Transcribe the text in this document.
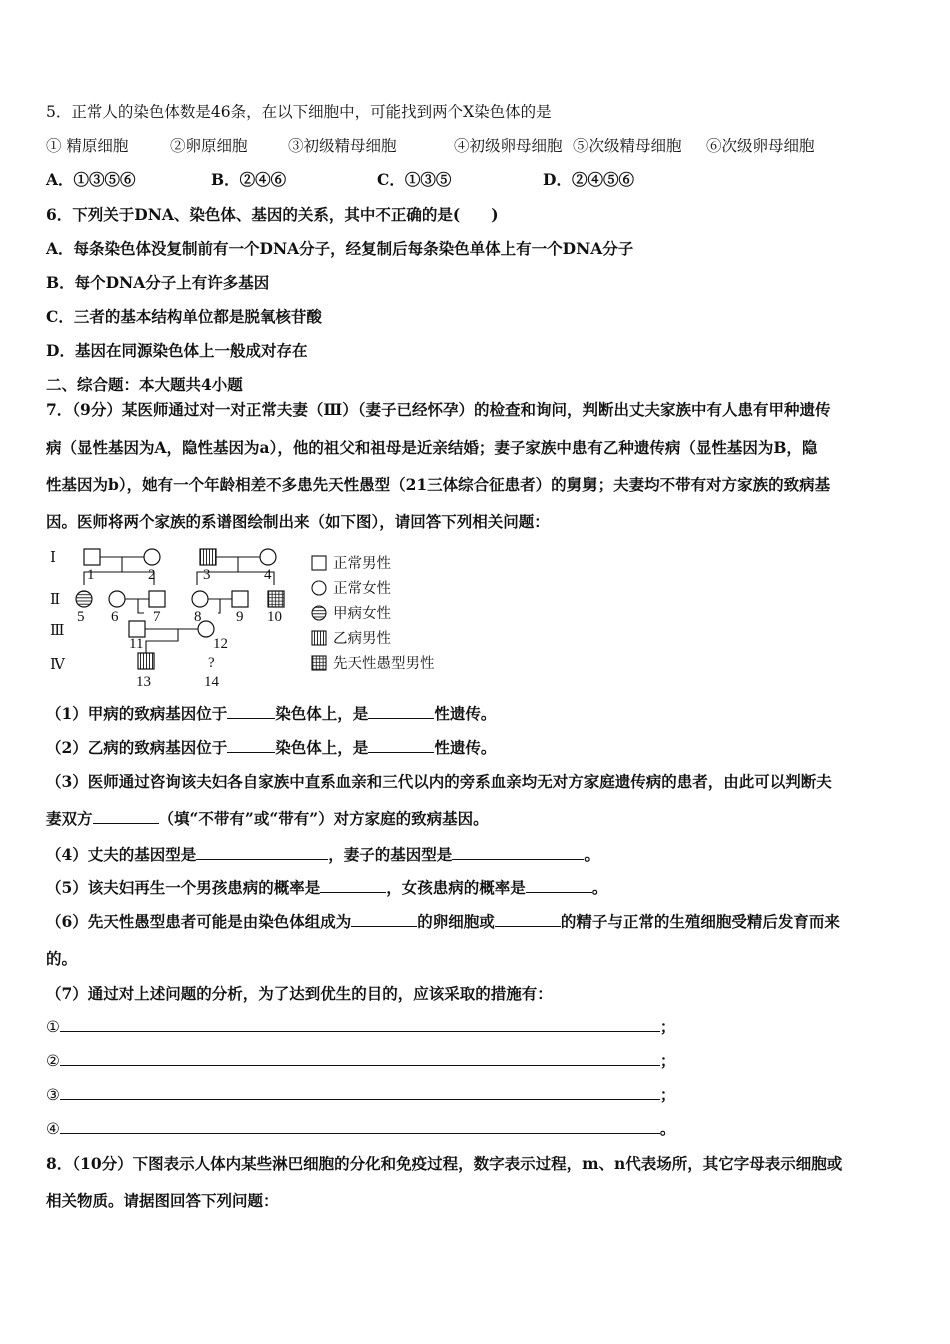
5．正常人的染色体数是46条，在以下细胞中，可能找到两个X染色体的是
① 精原细胞	②卵原细胞	③初级精母细胞	④初级卵母细胞 ⑤次级精母细胞 ⑥次级卵母细胞
A．①③⑤⑥	B．②④⑥	C．①③⑤	D．②④⑤⑥
6．下列关于DNA、染色体、基因的关系，其中不正确的是(　　)
A．每条染色体没复制前有一个DNA分子，经复制后每条染色单体上有一个DNA分子
B．每个DNA分子上有许多基因
C．三者的基本结构单位都是脱氧核苷酸
D．基因在同源染色体上一般成对存在
二、综合题：本大题共4小题
7．（9分）某医师通过对一对正常夫妻（Ⅲ）（妻子已经怀孕）的检查和询问，判断出丈夫家族中有人患有甲种遗传
病（显性基因为A，隐性基因为a），他的祖父和祖母是近亲结婚；妻子家族中患有乙种遗传病（显性基因为B，隐
性基因为b），她有一个年龄相差不多患先天性愚型（21三体综合征患者）的舅舅；夫妻均不带有对方家族的致病基
因。医师将两个家族的系谱图绘制出来（如下图），请回答下列相关问题：
Ⅰ
Ⅱ
Ⅲ
Ⅳ
1	2	3	4
5 6 7 8 9 10
11	12
13	14
?
正常男性
正常女性
甲病女性
乙病男性
先天性愚型男性
（1）甲病的致病基因位于	染色体上，是	性遗传。
（2）乙病的致病基因位于	染色体上，是	性遗传。
（3）医师通过咨询该夫妇各自家族中直系血亲和三代以内的旁系血亲均无对方家庭遗传病的患者，由此可以判断夫
妻双方	（填“不带有”或“带有”）对方家庭的致病基因。
（4）丈夫的基因型是	，妻子的基因型是	。
（5）该夫妇再生一个男孩患病的概率是	，女孩患病的概率是	。
（6）先天性愚型患者可能是由染色体组成为	的卵细胞或	的精子与正常的生殖细胞受精后发育而来
的。
（7）通过对上述问题的分析，为了达到优生的目的，应该采取的措施有：
①	；
②	；
③	；
④	。
8．（10分）下图表示人体内某些淋巴细胞的分化和免疫过程，数字表示过程，m、n代表场所，其它字母表示细胞或
相关物质。请据图回答下列问题：
